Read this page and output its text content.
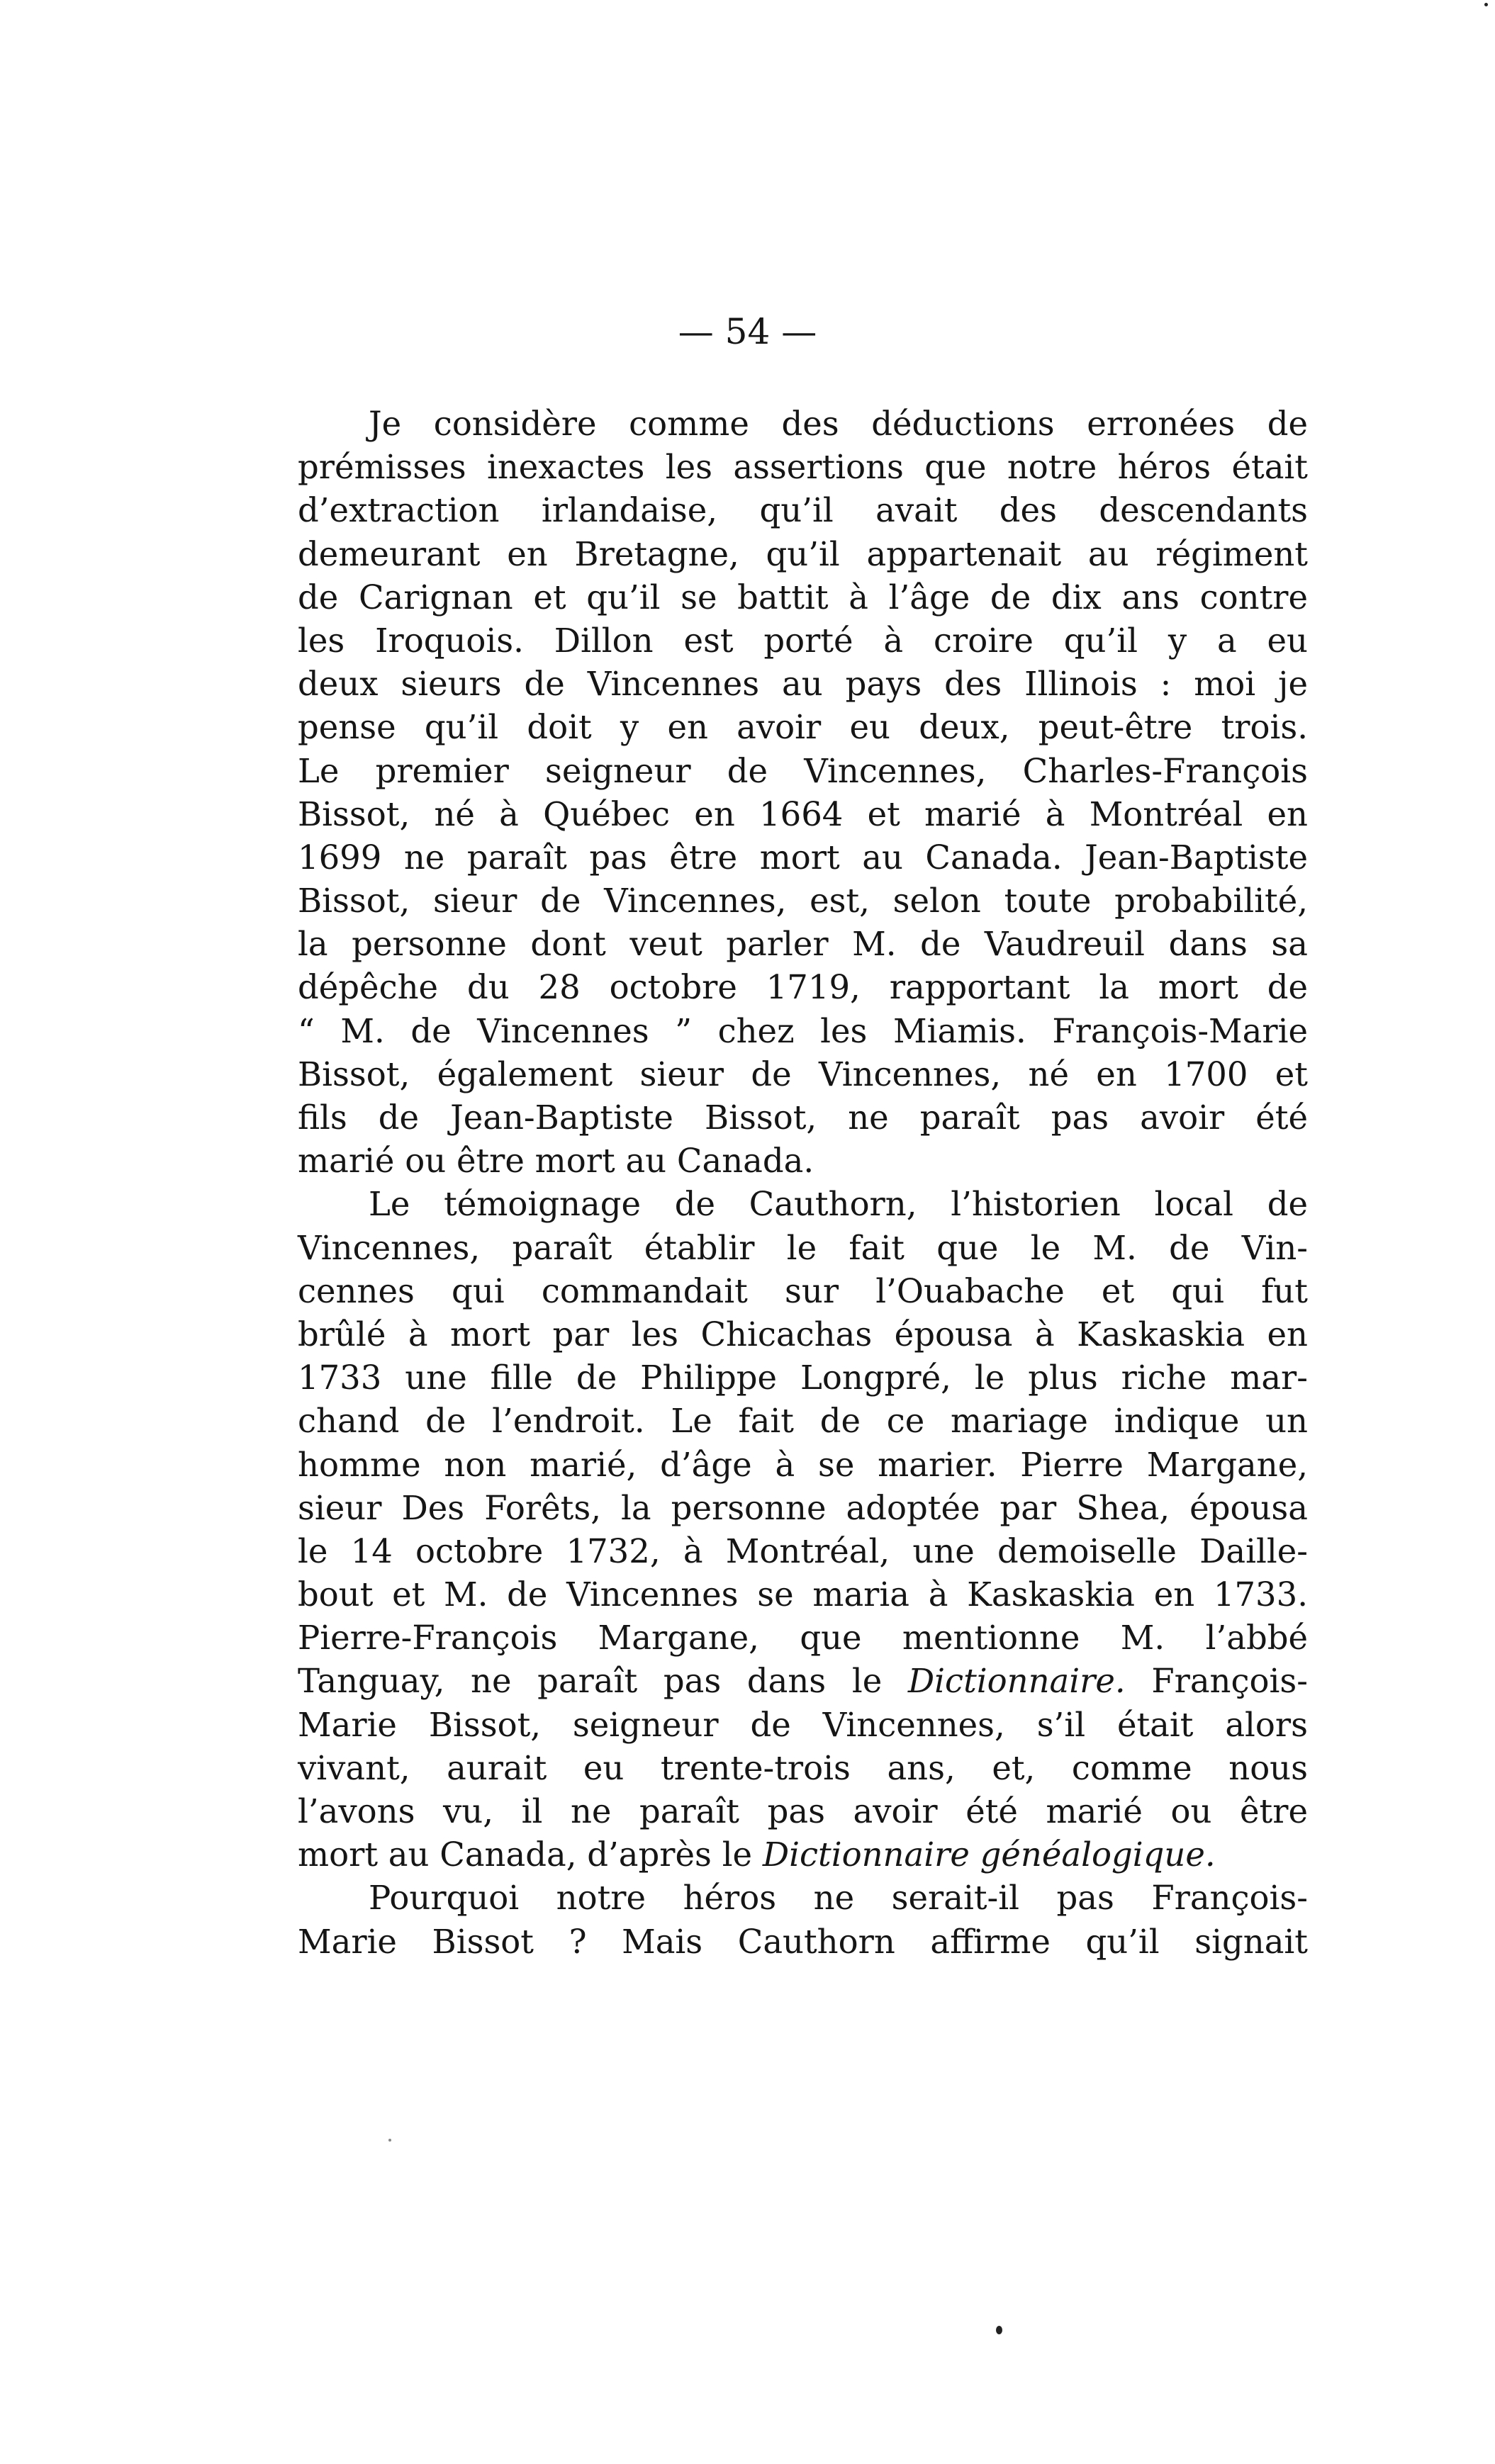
— 54 —
Je considère comme des déductions erronées de
prémisses inexactes les assertions que notre héros était
d’extraction irlandaise, qu’il avait des descendants
demeurant en Bretagne, qu’il appartenait au régiment
de Carignan et qu’il se battit à l’âge de dix ans contre
les Iroquois. Dillon est porté à croire qu’il y a eu
deux sieurs de Vincennes au pays des Illinois : moi je
pense qu’il doit y en avoir eu deux, peut-être trois.
Le premier seigneur de Vincennes, Charles-François
Bissot, né à Québec en 1664 et marié à Montréal en
1699 ne paraît pas être mort au Canada. Jean-Baptiste
Bissot, sieur de Vincennes, est, selon toute probabilité,
la personne dont veut parler M. de Vaudreuil dans sa
dépêche du 28 octobre 1719, rapportant la mort de
“ M. de Vincennes ” chez les Miamis. François-Marie
Bissot, également sieur de Vincennes, né en 1700 et
fils de Jean-Baptiste Bissot, ne paraît pas avoir été
marié ou être mort au Canada.
Le témoignage de Cauthorn, l’historien local de
Vincennes, paraît établir le fait que le M. de Vin-
cennes qui commandait sur l’Ouabache et qui fut
brûlé à mort par les Chicachas épousa à Kaskaskia en
1733 une fille de Philippe Longpré, le plus riche mar-
chand de l’endroit. Le fait de ce mariage indique un
homme non marié, d’âge à se marier. Pierre Margane,
sieur Des Forêts, la personne adoptée par Shea, épousa
le 14 octobre 1732, à Montréal, une demoiselle Daille-
bout et M. de Vincennes se maria à Kaskaskia en 1733.
Pierre-François Margane, que mentionne M. l’abbé
Tanguay, ne paraît pas dans le Dictionnaire. François-
Marie Bissot, seigneur de Vincennes, s’il était alors
vivant, aurait eu trente-trois ans, et, comme nous
l’avons vu, il ne paraît pas avoir été marié ou être
mort au Canada, d’après le Dictionnaire généalogique.
Pourquoi notre héros ne serait-il pas François-
Marie Bissot ? Mais Cauthorn affirme qu’il signait
